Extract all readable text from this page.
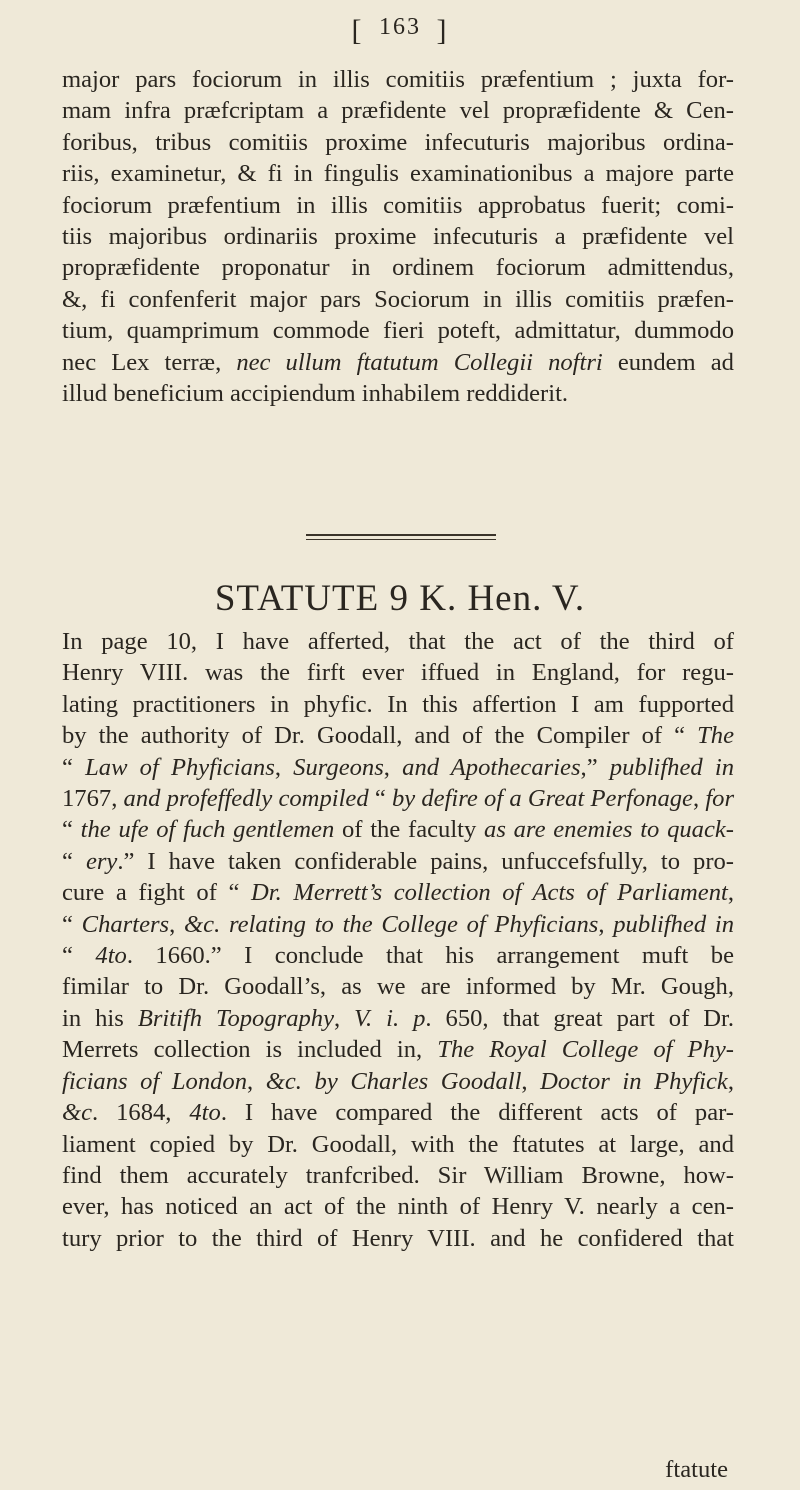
[ $^{163}$ ]
major pars fociorum in illis comitiis præfentium ; juxta for-
mam infra præfcriptam a præfidente vel propræfidente & Cen-
foribus, tribus comitiis proxime infecuturis majoribus ordina-
riis, examinetur, & fi in fingulis examinationibus a majore parte
fociorum præfentium in illis comitiis approbatus fuerit; comi-
tiis majoribus ordinariis proxime infecuturis a præfidente vel
propræfidente proponatur in ordinem fociorum admittendus,
&, fi confenferit major pars Sociorum in illis comitiis præfen-
tium, quamprimum commode fieri poteft, admittatur, dummodo
nec Lex terræ, nec ullum ftatutum Collegii noftri eundem ad
illud beneficium accipiendum inhabilem reddiderit.
STATUTE 9 K. Hen. V.
In page 10, I have afferted, that the act of the third of
Henry VIII. was the firft ever iffued in England, for regu-
lating practitioners in phyfic. In this affertion I am fupported
by the authority of Dr. Goodall, and of the Compiler of “ The
“ Law of Phyficians, Surgeons, and Apothecaries,” publifhed in
1767, and profeffedly compiled “ by defire of a Great Perfonage, for
“ the ufe of fuch gentlemen of the faculty as are enemies to quack-
“ ery.” I have taken confiderable pains, unfuccefsfully, to pro-
cure a fight of “ Dr. Merrett’s collection of Acts of Parliament,
“ Charters, &c. relating to the College of Phyficians, publifhed in
“ 4to. 1660.” I conclude that his arrangement muft be
fimilar to Dr. Goodall’s, as we are informed by Mr. Gough,
in his Britifh Topography, V. i. p. 650, that great part of Dr.
Merrets collection is included in, The Royal College of Phy-
ficians of London, &c. by Charles Goodall, Doctor in Phyfick,
&c. 1684, 4to. I have compared the different acts of par-
liament copied by Dr. Goodall, with the ftatutes at large, and
find them accurately tranfcribed. Sir William Browne, how-
ever, has noticed an act of the ninth of Henry V. nearly a cen-
tury prior to the third of Henry VIII. and he confidered that
ftatute
